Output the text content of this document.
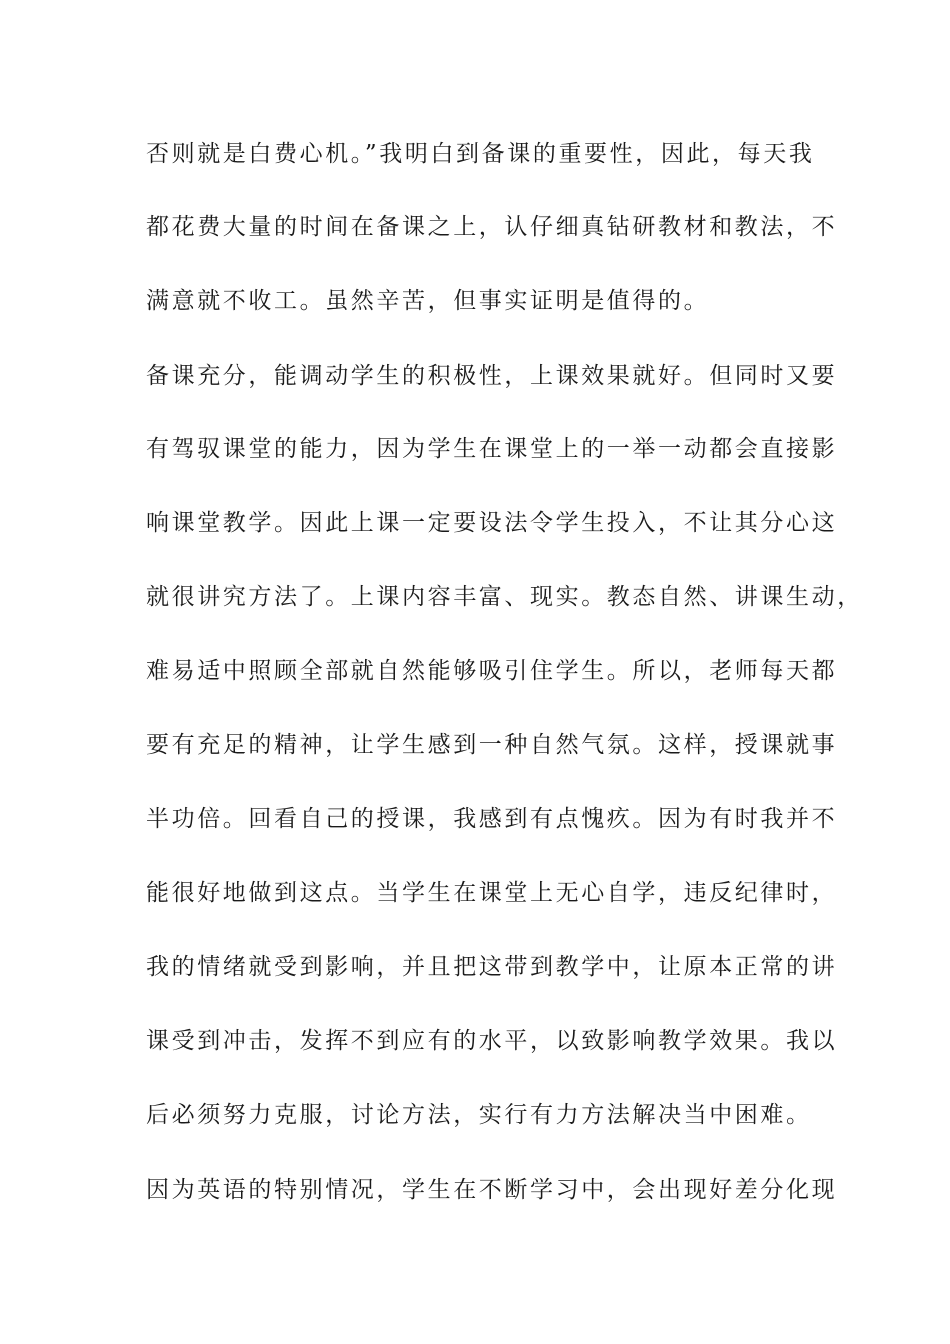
否则就是白费心机。”我明白到备课的重要性，因此，每天我
都花费大量的时间在备课之上，认仔细真钻研教材和教法，不
满意就不收工。虽然辛苦，但事实证明是值得的。
备课充分，能调动学生的积极性，上课效果就好。但同时又要
有驾驭课堂的能力，因为学生在课堂上的一举一动都会直接影
响课堂教学。因此上课一定要设法令学生投入，不让其分心这
就很讲究方法了。上课内容丰富、现实。教态自然、讲课生动，
难易适中照顾全部就自然能够吸引住学生。所以，老师每天都
要有充足的精神，让学生感到一种自然气氛。这样，授课就事
半功倍。回看自己的授课，我感到有点愧疚。因为有时我并不
能很好地做到这点。当学生在课堂上无心自学，违反纪律时，
我的情绪就受到影响，并且把这带到教学中，让原本正常的讲
课受到冲击，发挥不到应有的水平，以致影响教学效果。我以
后必须努力克服，讨论方法，实行有力方法解决当中困难。
因为英语的特别情况，学生在不断学习中，会出现好差分化现
